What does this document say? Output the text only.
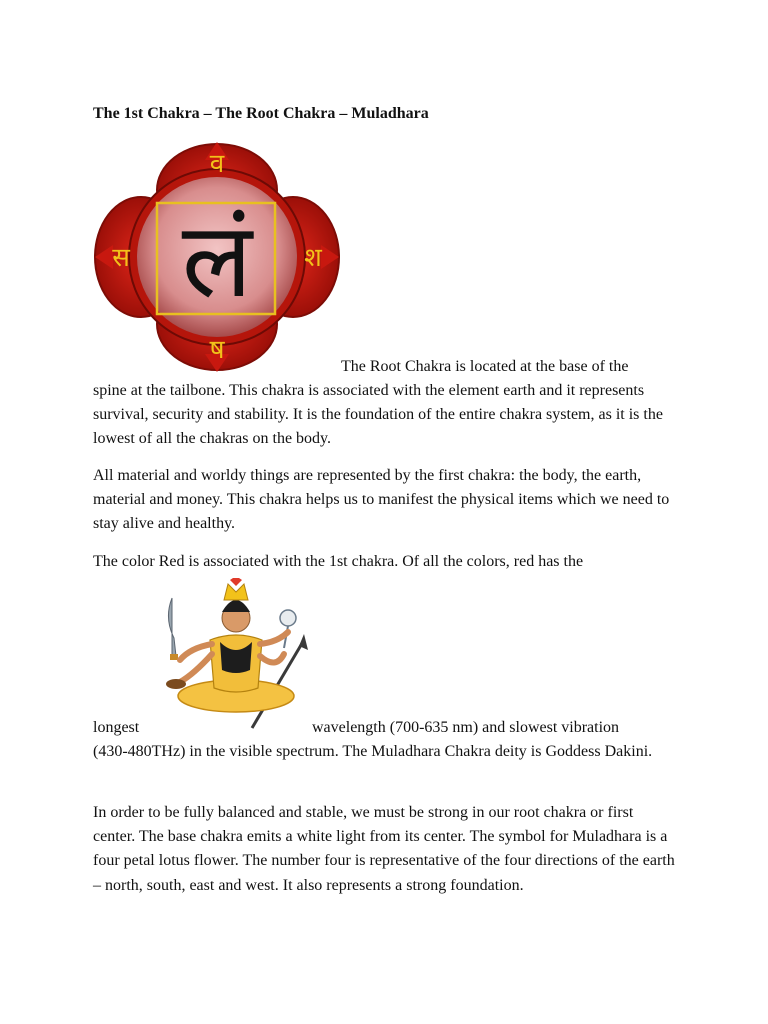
The 1st Chakra – The Root Chakra – Muladhara
लं
व
श
ष
स

The Root Chakra is located at the base of the

spine at the tailbone. This chakra is associated with the element earth and it represents survival, security and stability. It is the foundation of the entire chakra system, as it is the lowest of all the chakras on the body.

All material and worldy things are represented by the first chakra: the body, the earth, material and money. This chakra helps us to manifest the physical items which we need to stay alive and healthy.

The color Red is associated with the 1st chakra. Of all the colors, red has the

longest	wavelength (700-635 nm) and slowest vibration

(430-480THz) in the visible spectrum. The Muladhara Chakra deity is Goddess Dakini.

In order to be fully balanced and stable, we must be strong in our root chakra or first center. The base chakra emits a white light from its center. The symbol for Muladhara is a four petal lotus flower. The number four is representative of the four directions of the earth – north, south, east and west. It also represents a strong foundation.
